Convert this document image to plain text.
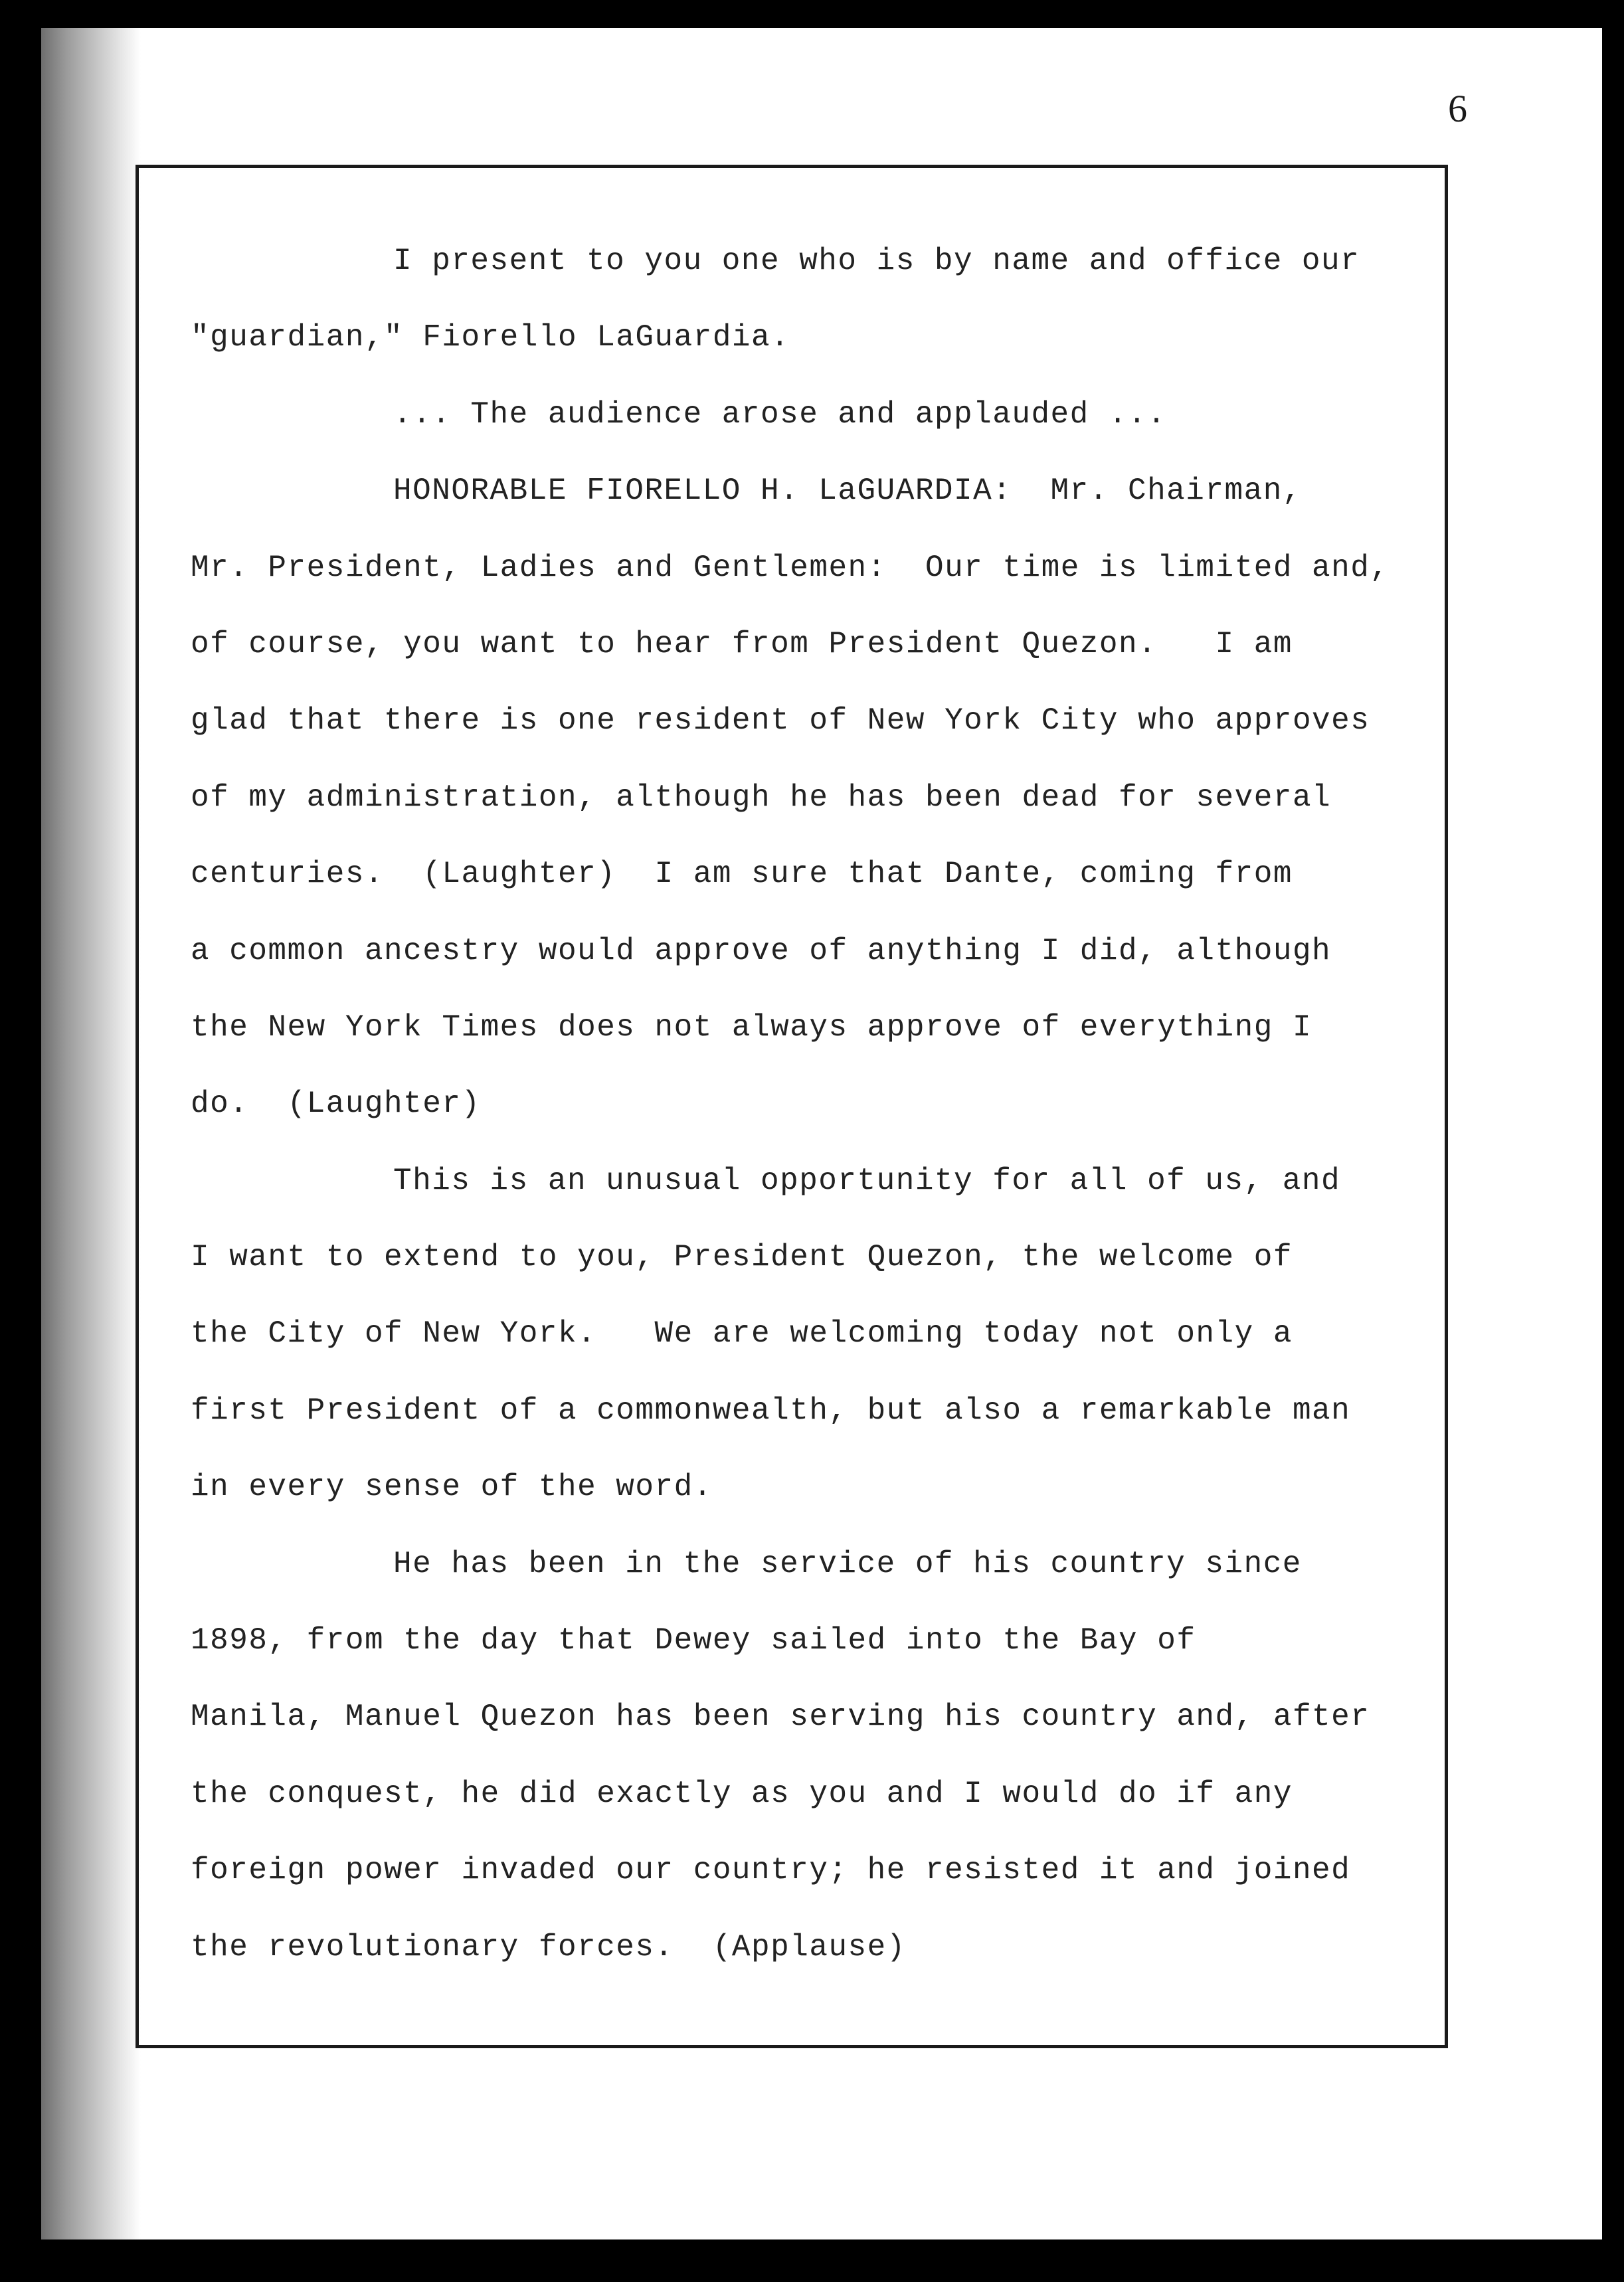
6
I present to you one who is by name and office our
"guardian," Fiorello LaGuardia.
... The audience arose and applauded ...
HONORABLE FIORELLO H. LaGUARDIA:  Mr. Chairman,
Mr. President, Ladies and Gentlemen:  Our time is limited and,
of course, you want to hear from President Quezon.   I am
glad that there is one resident of New York City who approves
of my administration, although he has been dead for several
centuries.  (Laughter)  I am sure that Dante, coming from
a common ancestry would approve of anything I did, although
the New York Times does not always approve of everything I
do.  (Laughter)
This is an unusual opportunity for all of us, and
I want to extend to you, President Quezon, the welcome of
the City of New York.   We are welcoming today not only a
first President of a commonwealth, but also a remarkable man
in every sense of the word.
He has been in the service of his country since
1898, from the day that Dewey sailed into the Bay of
Manila, Manuel Quezon has been serving his country and, after
the conquest, he did exactly as you and I would do if any
foreign power invaded our country; he resisted it and joined
the revolutionary forces.  (Applause)
